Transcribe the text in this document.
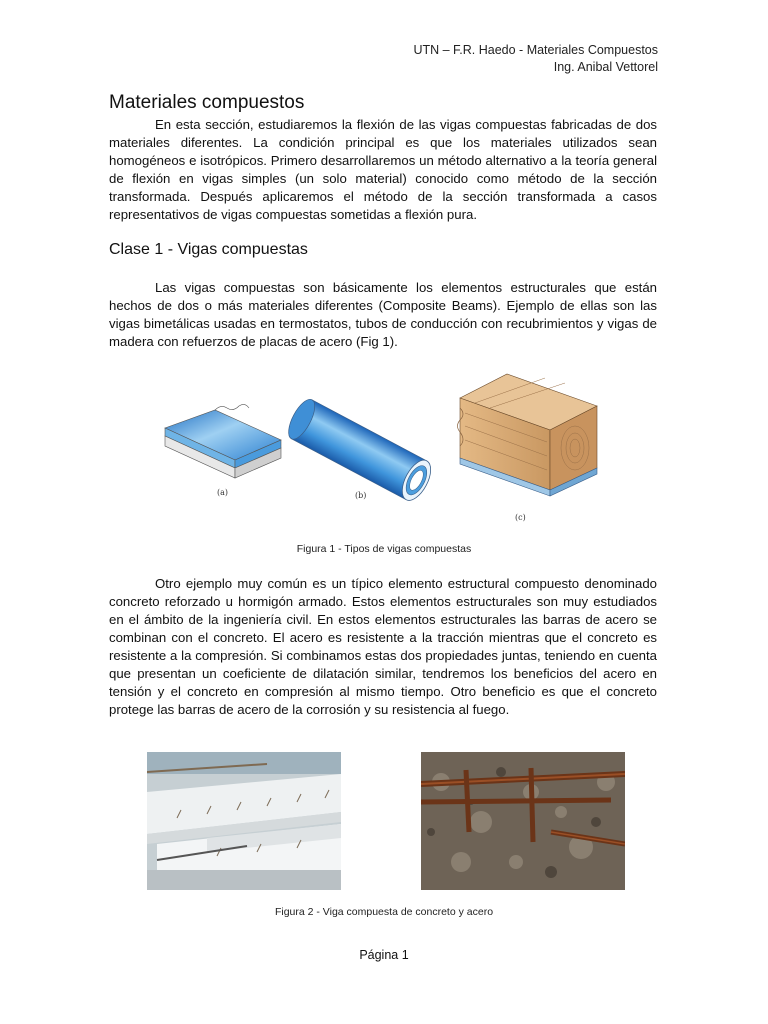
UTN – F.R. Haedo - Materiales Compuestos
Ing. Anibal Vettorel
Materiales compuestos

En esta sección, estudiaremos la flexión de las vigas compuestas fabricadas de dos materiales diferentes. La condición principal es que los materiales utilizados sean homogéneos e isotrópicos. Primero desarrollaremos un método alternativo a la teoría general de flexión en vigas simples (un solo material) conocido como método de la sección transformada. Después aplicaremos el método de la sección transformada a casos representativos de vigas compuestas sometidas a flexión pura.

Clase 1 - Vigas compuestas

Las vigas compuestas son básicamente los elementos estructurales que están hechos de dos o más materiales diferentes (Composite Beams). Ejemplo de ellas son las vigas bimetálicas usadas en termostatos, tubos de conducción con recubrimientos y vigas de madera con refuerzos de placas de acero (Fig 1).

(a)	(b)
(c)
Figura 1 - Tipos de vigas compuestas

Otro ejemplo muy común es un típico elemento estructural compuesto denominado concreto reforzado u hormigón armado. Estos elementos estructurales son muy estudiados en el ámbito de la ingeniería civil. En estos elementos estructurales las barras de acero se combinan con el concreto. El acero es resistente a la tracción mientras que el concreto es resistente a la compresión. Si combinamos estas dos propiedades juntas, teniendo en cuenta que presentan un coeficiente de dilatación similar, tendremos los beneficios del acero en tensión y el concreto en compresión al mismo tiempo. Otro beneficio es que el concreto protege las barras de acero de la corrosión y su resistencia al fuego.

Figura 2 - Viga compuesta de concreto y acero
Página 1
